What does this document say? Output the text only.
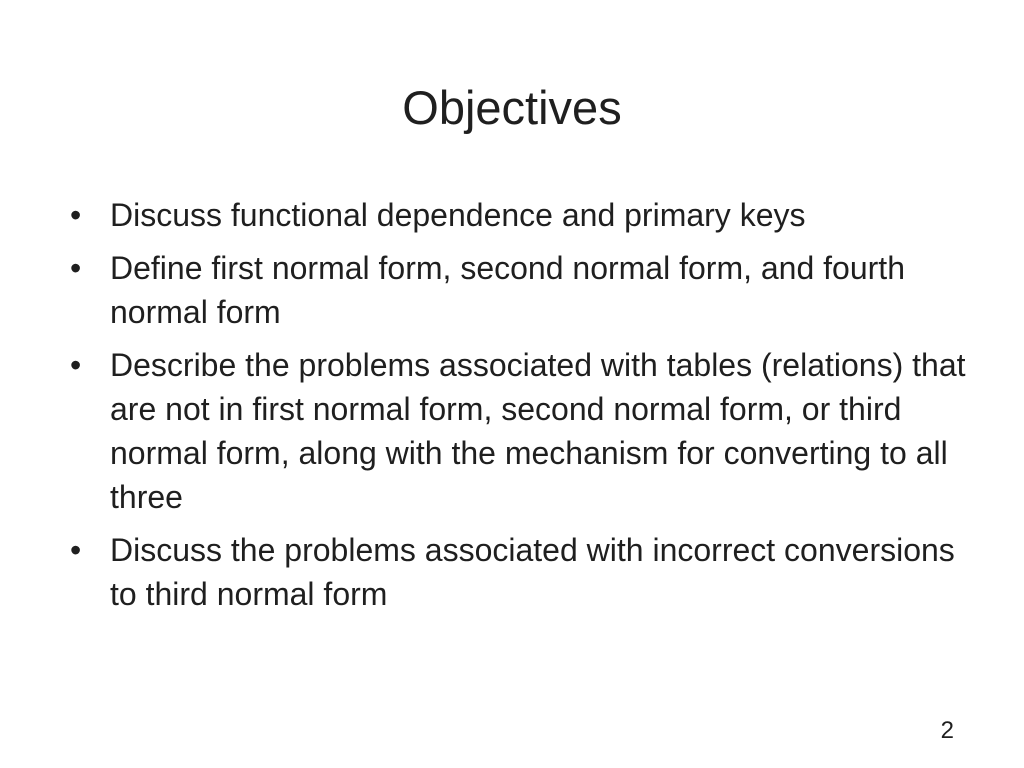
Objectives
• Discuss functional dependence and primary keys
• Define first normal form, second normal form, and fourth normal form
• Describe the problems associated with tables (relations) that are not in first normal form, second normal form, or third normal form, along with the mechanism for converting to all three
• Discuss the problems associated with incorrect conversions to third normal form
2
